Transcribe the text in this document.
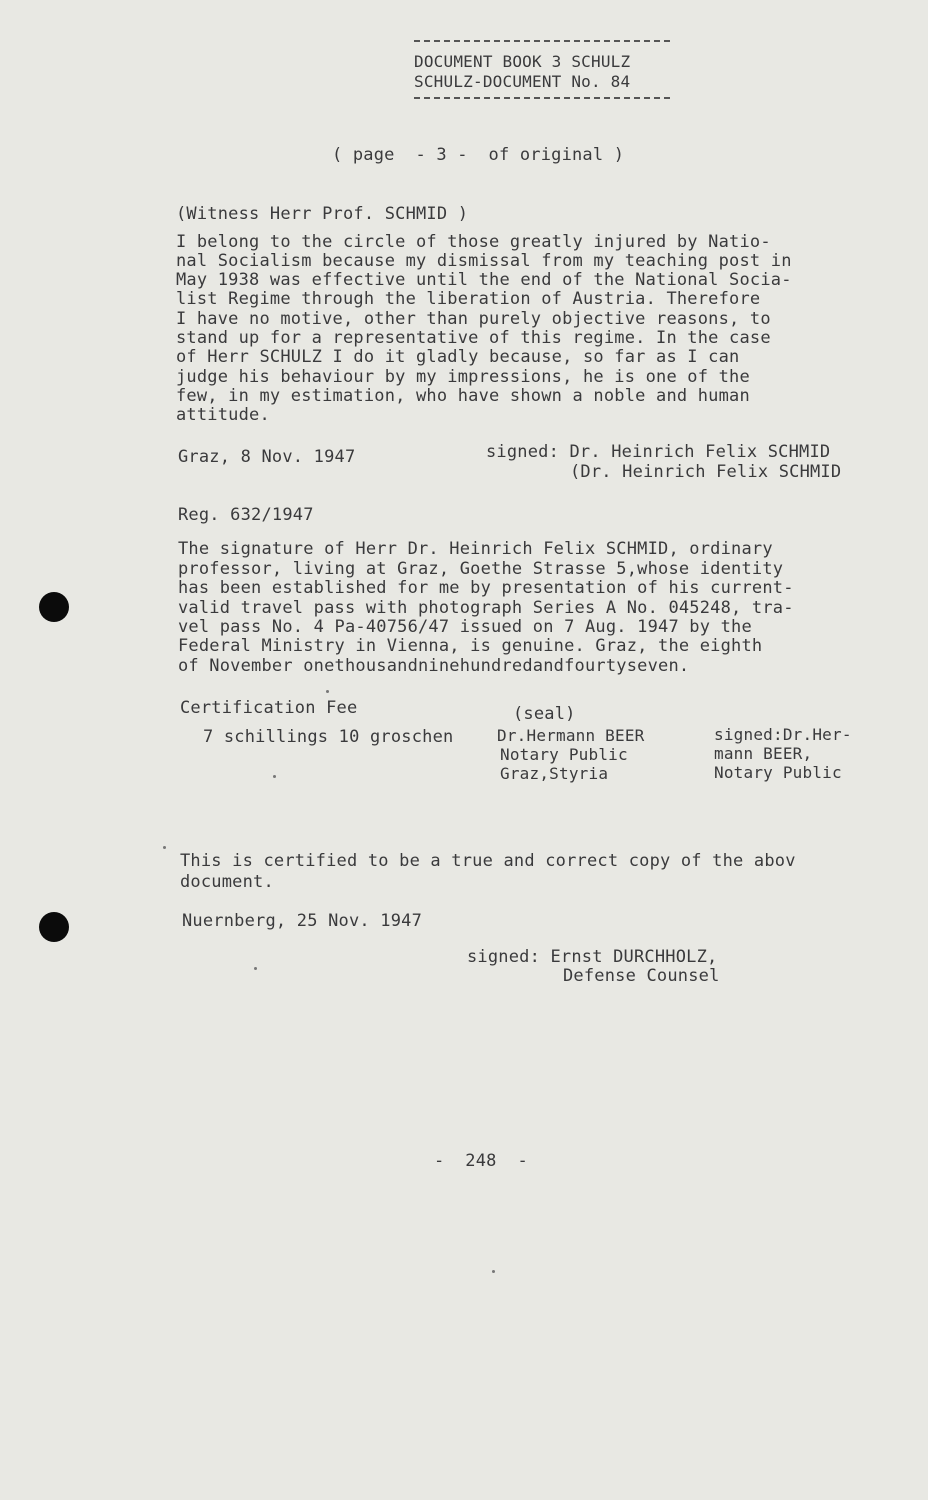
DOCUMENT BOOK 3 SCHULZ
SCHULZ-DOCUMENT No. 84
( page  - 3 -  of original )
(Witness Herr Prof. SCHMID )
I belong to the circle of those greatly injured by Natio-
nal Socialism because my dismissal from my teaching post in
May 1938 was effective until the end of the National Socia-
list Regime through the liberation of Austria. Therefore
I have no motive, other than purely objective reasons, to
stand up for a representative of this regime. In the case
of Herr SCHULZ I do it gladly because, so far as I can
judge his behaviour by my impressions, he is one of the
few, in my estimation, who have shown a noble and human
attitude.
Graz, 8 Nov. 1947	signed: Dr. Heinrich Felix SCHMID
(Dr. Heinrich Felix SCHMID
Reg. 632/1947
The signature of Herr Dr. Heinrich Felix SCHMID, ordinary
professor, living at Graz, Goethe Strasse 5,whose identity
has been established for me by presentation of his current-
valid travel pass with photograph Series A No. 045248, tra-
vel pass No. 4 Pa-40756/47 issued on 7 Aug. 1947 by the
Federal Ministry in Vienna, is genuine. Graz, the eighth
of November onethousandninehundredandfourtyseven.
Certification Fee	(seal)
7 schillings 10 groschen	Dr.Hermann BEER
Notary Public
Graz,Styria
signed:Dr.Her-
mann BEER,
Notary Public
This is certified to be a true and correct copy of the abov
document.
Nuernberg, 25 Nov. 1947
signed: Ernst DURCHHOLZ,
Defense Counsel
-  248  -
